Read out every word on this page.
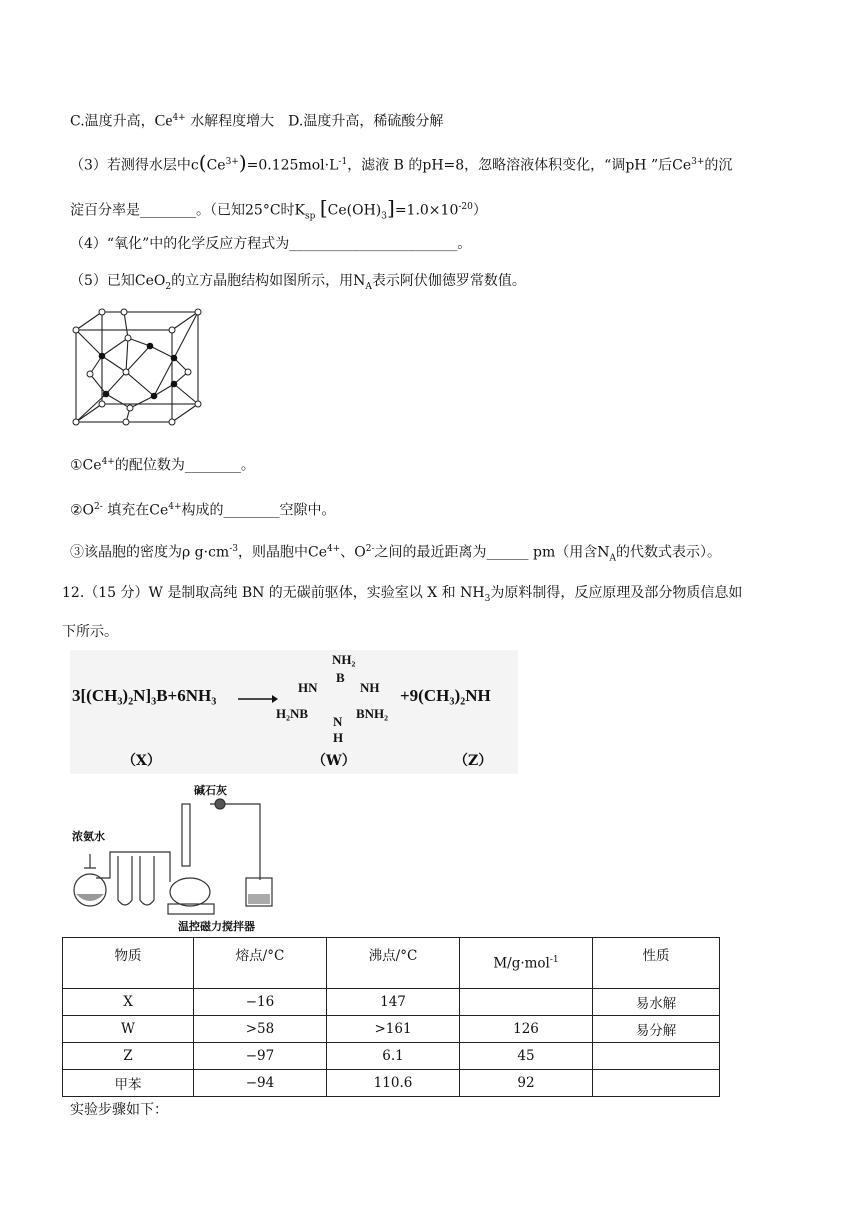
C.温度升高，$Ce^{4+}$ 水解程度增大　D.温度升高，稀硫酸分解
（3）若测得水层中$c(Ce^{3+})=0.125mol\cdot L^{-1}$，滤液 B 的pH=8，忽略溶液体积变化，“调pH ”后$Ce^{3+}$的沉
淀百分率是________。（已知25°C时$K_{sp}$ $[Ce(OH)_3]=1.0\times 10^{-20}$）
（4）“氧化”中的化学反应方程式为________________________。
（5）已知CeO$_2$的立方晶胞结构如图所示，用$N_A$表示阿伏伽德罗常数值。
$①Ce^{4+}$的配位数为________。
$②O^{2-}$ 填充在$Ce^{4+}$构成的________空隙中。
③该晶胞的密度为ρ $g\cdot cm^{-3}$，则晶胞中$Ce^{4+}$、$O^{2-}$之间的最近距离为______ pm（用含$N_A$的代数式表示）。
12.（15 分）W 是制取高纯 BN 的无碳前驱体，实验室以 X 和 $NH_3$为原料制得，反应原理及部分物质信息如
下所示。
3[(CH₃)₂N]₃B+6NH₃
NH₂
B
HN	NH
H₂NB	BNH₂
N
H
+9(CH₃)₂NH
（X）	（W）	（Z）
碱石灰
浓氨水
温控磁力搅拌器
物质	熔点/°C	沸点/°C	M/g·mol$^{-1}$	性质
X	−16	147		易水解
W	>58	>161	126	易分解
Z	−97	6.1	45	
甲苯	−94	110.6	92	
实验步骤如下：
